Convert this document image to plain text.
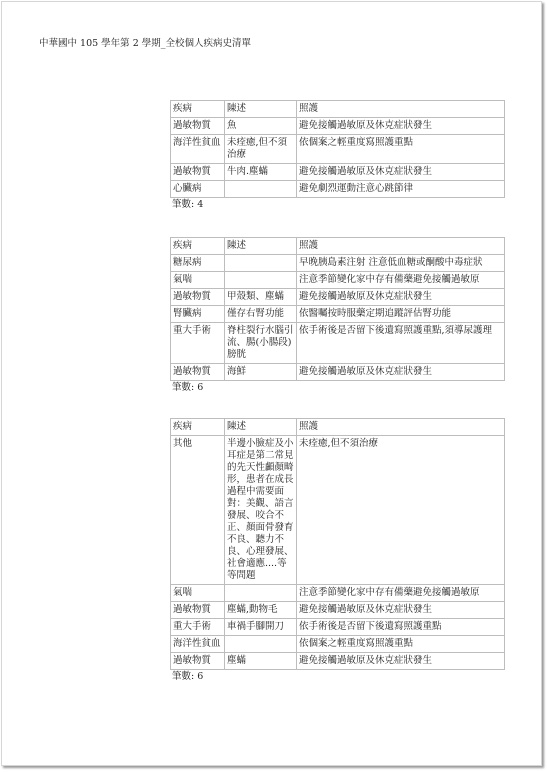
中華國中 105 學年第 2 學期_全校個人疾病史清單
疾病	陳述	照護
過敏物質	魚	避免接觸過敏原及休克症狀發生
海洋性貧血	未痊癒,但不須治療	依個案之輕重度寫照護重點
過敏物質	牛肉.塵蟎	避免接觸過敏原及休克症狀發生
心臟病		避免劇烈運動注意心跳節律
筆數: 4
疾病	陳述	照護
糖尿病		早晚胰島素注射 注意低血糖或酮酸中毒症狀
氣喘		注意季節變化家中存有備藥避免接觸過敏原
過敏物質	甲殼類、塵蟎	避免接觸過敏原及休克症狀發生
腎臟病	僅存右腎功能	依醫囑按時服藥定期追蹤評估腎功能
重大手術	脊柱裂行水腦引流、腸(小腸段)膀胱	依手術後是否留下後遺寫照護重點,須導尿護理
過敏物質	海鮮	避免接觸過敏原及休克症狀發生
筆數: 6
疾病	陳述	照護
其他	半邊小臉症及小耳症是第二常見的先天性顱顏畸形，患者在成長過程中需要面對：美觀、語言發展、咬合不正、顏面骨發育不良、聽力不良、心理發展、社會適應....等等問題	未痊癒,但不須治療
氣喘		注意季節變化家中存有備藥避免接觸過敏原
過敏物質	塵蟎,動物毛	避免接觸過敏原及休克症狀發生
重大手術	車禍手腳開刀	依手術後是否留下後遺寫照護重點
海洋性貧血		依個案之輕重度寫照護重點
過敏物質	塵蟎	避免接觸過敏原及休克症狀發生
筆數: 6
